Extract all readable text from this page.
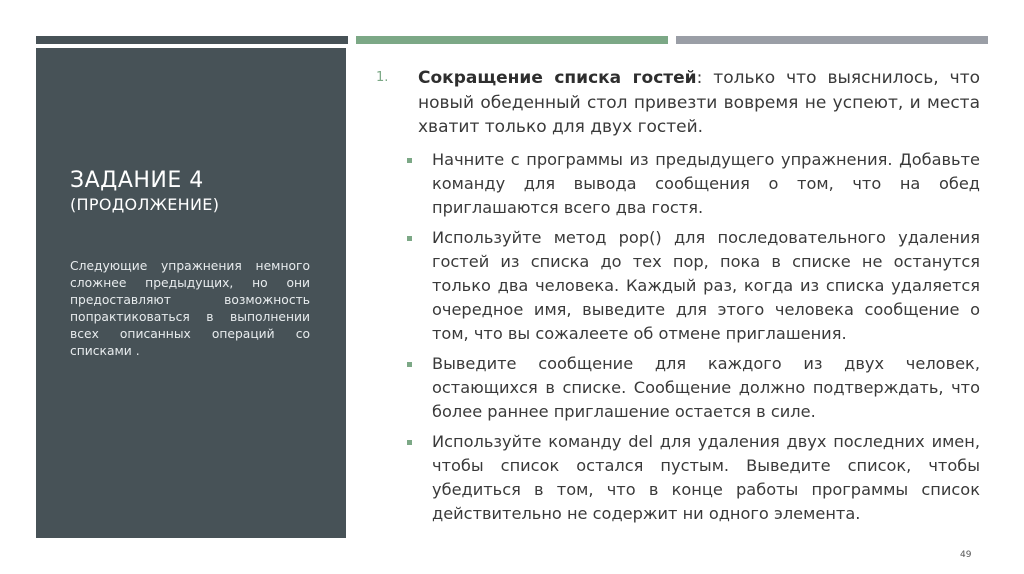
ЗАДАНИЕ 4
(ПРОДОЛЖЕНИЕ)
Следующие упражнения немного сложнее предыдущих, но они предоставляют возможность попрактиковаться в выполнении всех описанных операций со списками .
1. Сокращение списка гостей: только что выяснилось, что новый обеденный стол привезти вовремя не успеют, и места хватит только для двух гостей.
Начните с программы из предыдущего упражнения. Добавьте команду для вывода сообщения о том, что на обед приглашаются всего два гостя.
Используйте метод pop() для последовательного удаления гостей из списка до тех пор, пока в списке не останутся только два человека. Каждый раз, когда из списка удаляется очередное имя, выведите для этого человека сообщение о том, что вы сожалеете об отмене приглашения.
Выведите сообщение для каждого из двух человек, остающихся в списке. Сообщение должно подтверждать, что более раннее приглашение остается в силе.
Используйте команду del для удаления двух последних имен, чтобы список остался пустым. Выведите список, чтобы убедиться в том, что в конце работы программы список действительно не содержит ни одного элемента.
49
